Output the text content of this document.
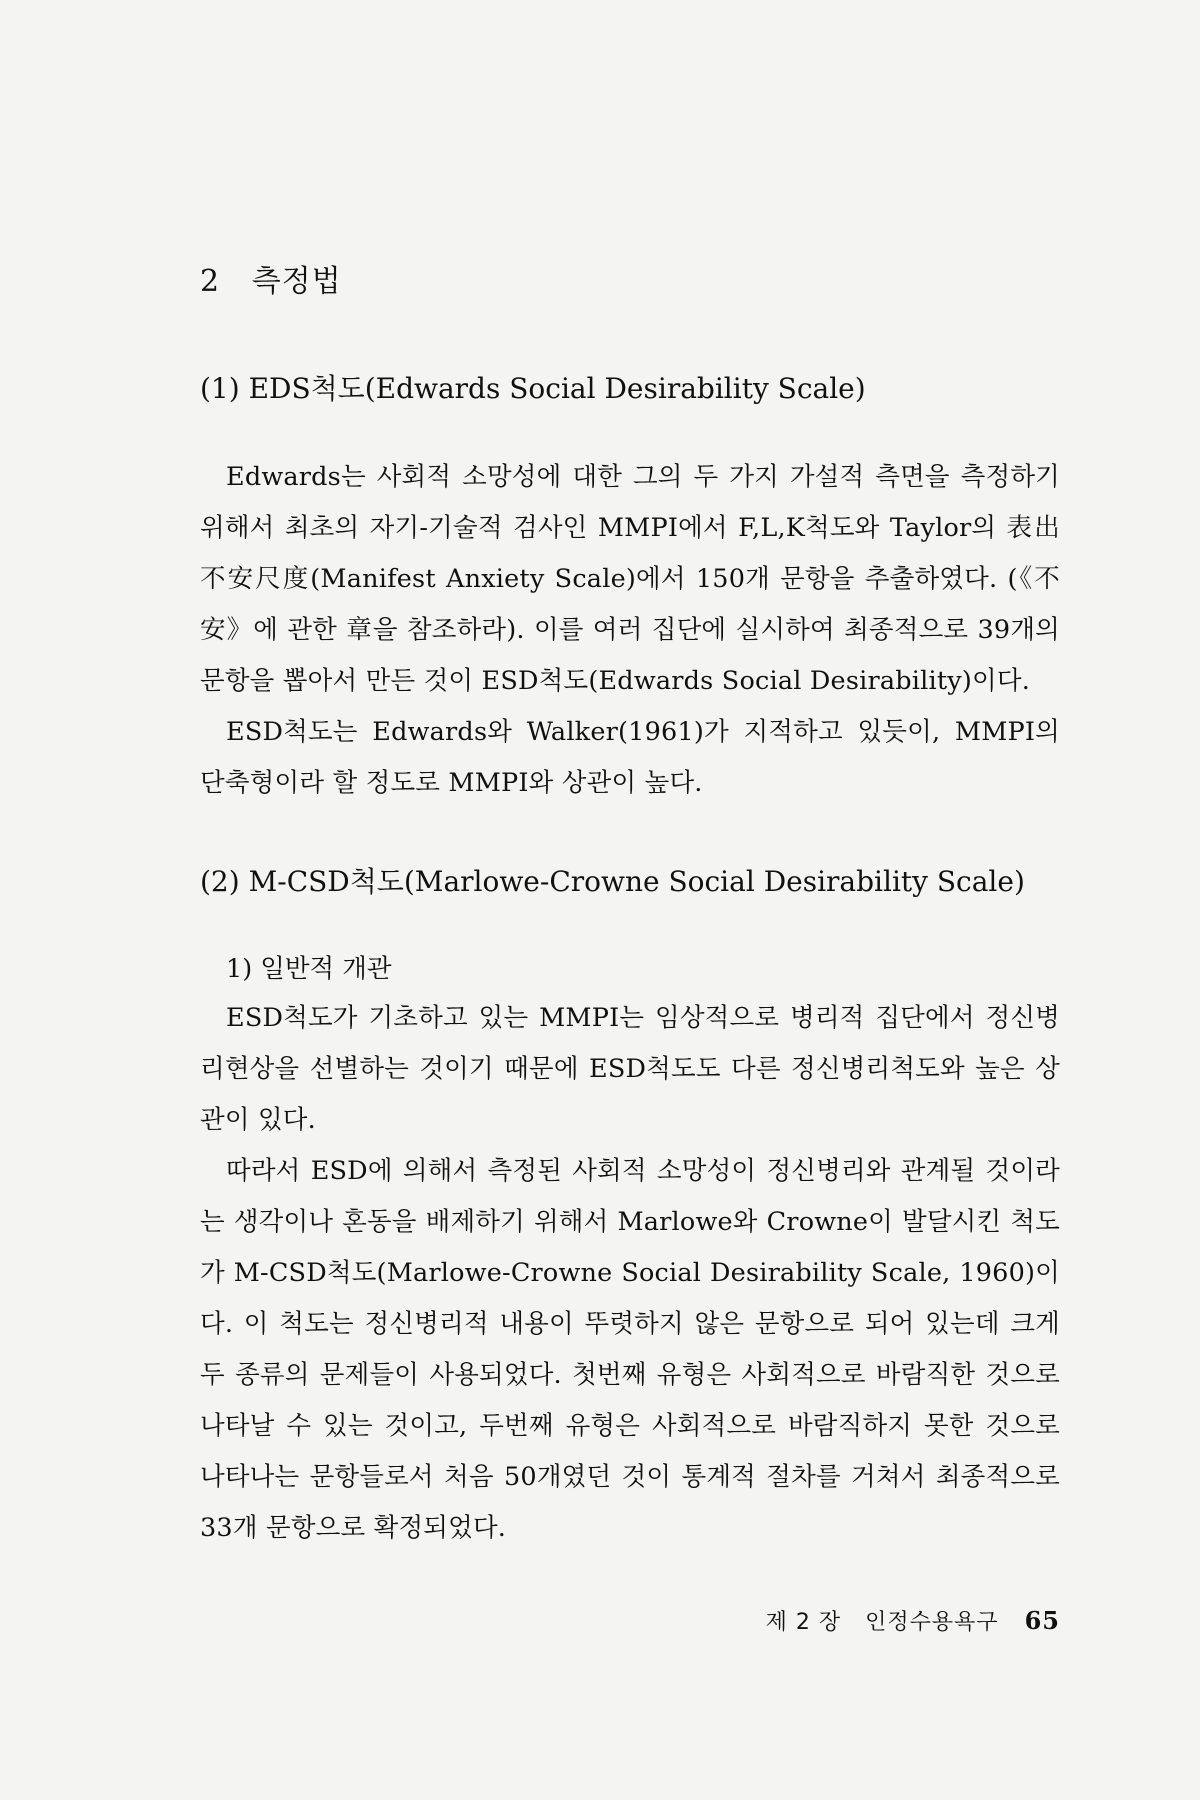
2 측정법
(1) EDS척도(Edwards Social Desirability Scale)

Edwards는 사회적 소망성에 대한 그의 두 가지 가설적 측면을 측정하기 위해서 최초의 자기-기술적 검사인 MMPI에서 F,L,K척도와 Taylor의 表出不安尺度(Manifest Anxiety Scale)에서 150개 문항을 추출하였다. (《不安》에 관한 章을 참조하라). 이를 여러 집단에 실시하여 최종적으로 39개의 문항을 뽑아서 만든 것이 ESD척도(Edwards Social Desirability)이다.

ESD척도는 Edwards와 Walker(1961)가 지적하고 있듯이, MMPI의 단축형이라 할 정도로 MMPI와 상관이 높다.

(2) M-CSD척도(Marlowe-Crowne Social Desirability Scale)
1) 일반적 개관

ESD척도가 기초하고 있는 MMPI는 임상적으로 병리적 집단에서 정신병리현상을 선별하는 것이기 때문에 ESD척도도 다른 정신병리척도와 높은 상관이 있다.

따라서 ESD에 의해서 측정된 사회적 소망성이 정신병리와 관계될 것이라는 생각이나 혼동을 배제하기 위해서 Marlowe와 Crowne이 발달시킨 척도가 M-CSD척도(Marlowe-Crowne Social Desirability Scale, 1960)이다. 이 척도는 정신병리적 내용이 뚜렷하지 않은 문항으로 되어 있는데 크게 두 종류의 문제들이 사용되었다. 첫번째 유형은 사회적으로 바람직한 것으로 나타날 수 있는 것이고, 두번째 유형은 사회적으로 바람직하지 못한 것으로 나타나는 문항들로서 처음 50개였던 것이 통계적 절차를 거쳐서 최종적으로 33개 문항으로 확정되었다.

제 2 장 인정수용욕구 65
